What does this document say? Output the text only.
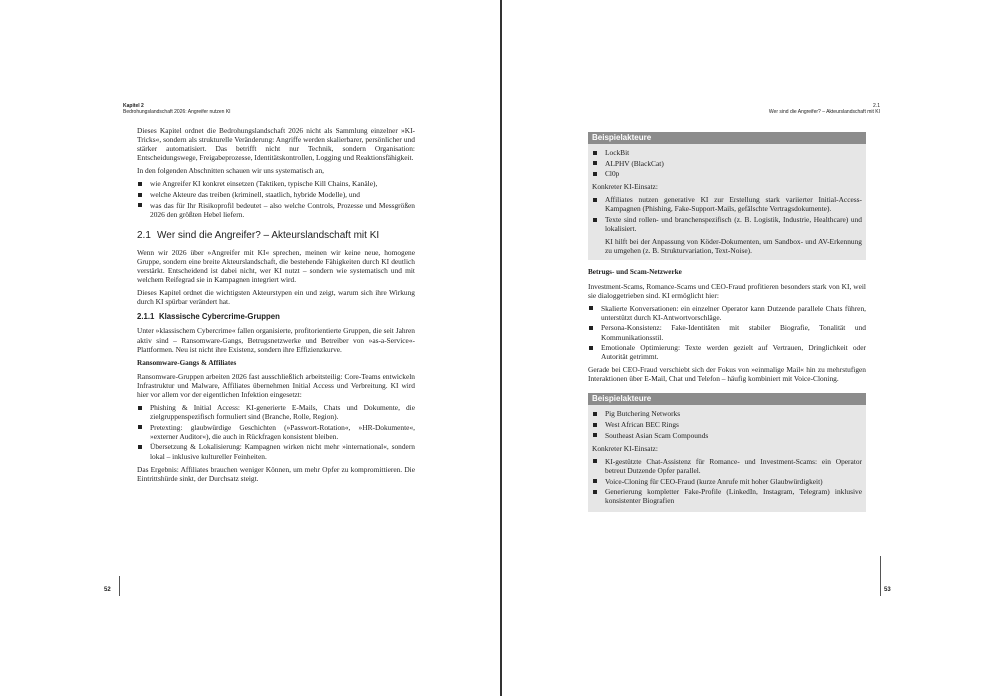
Kapitel 2
Bedrohungslandschaft 2026: Angreifer nutzen KI

Dieses Kapitel ordnet die Bedrohungslandschaft 2026 nicht als Sammlung einzelner »KI-Tricks«, sondern als strukturelle Veränderung: Angriffe werden skalierbarer, persönlicher und stärker automatisiert. Das betrifft nicht nur Technik, sondern Organisation: Entscheidungswege, Freigabeprozesse, Identitätskontrollen, Logging und Reaktionsfähigkeit.

In den folgenden Abschnitten schauen wir uns systematisch an,

wie Angreifer KI konkret einsetzen (Taktiken, typische Kill Chains, Kanäle),
welche Akteure das treiben (kriminell, staatlich, hybride Modelle), und
was das für Ihr Risikoprofil bedeutet – also welche Controls, Prozesse und Messgrößen 2026 den größten Hebel liefern.
2.1 Wer sind die Angreifer? – Akteurslandschaft mit KI

Wenn wir 2026 über »Angreifer mit KI« sprechen, meinen wir keine neue, homogene Gruppe, sondern eine breite Akteurslandschaft, die bestehende Fähigkeiten durch KI deutlich verstärkt. Entscheidend ist dabei nicht, wer KI nutzt – sondern wie systematisch und mit welchem Reifegrad sie in Kampagnen integriert wird.

Dieses Kapitel ordnet die wichtigsten Akteurstypen ein und zeigt, warum sich ihre Wirkung durch KI spürbar verändert hat.

2.1.1 Klassische Cybercrime-Gruppen

Unter »klassischem Cybercrime« fallen organisierte, profitorientierte Gruppen, die seit Jahren aktiv sind – Ransomware-Gangs, Betrugsnetzwerke und Betreiber von »as-a-Service«-Plattformen. Neu ist nicht ihre Existenz, sondern ihre Effizienzkurve.

Ransomware-Gangs & Affiliates

Ransomware-Gruppen arbeiten 2026 fast ausschließlich arbeitsteilig: Core-Teams entwickeln Infrastruktur und Malware, Affiliates übernehmen Initial Access und Verbreitung. KI wird hier vor allem vor der eigentlichen Infektion eingesetzt:

Phishing & Initial Access: KI-generierte E-Mails, Chats und Dokumente, die zielgruppenspezifisch formuliert sind (Branche, Rolle, Region).
Pretexting: glaubwürdige Geschichten (»Passwort-Rotation«, »HR-Dokumente«, »externer Auditor«), die auch in Rückfragen konsistent bleiben.
Übersetzung & Lokalisierung: Kampagnen wirken nicht mehr »international«, sondern lokal – inklusive kultureller Feinheiten.

Das Ergebnis: Affiliates brauchen weniger Können, um mehr Opfer zu kompromittieren. Die Eintrittshürde sinkt, der Durchsatz steigt.

52
2.1
Wer sind die Angreifer? – Akteurslandschaft mit KI
Beispielakteure
LockBit
ALPHV (BlackCat)
Cl0p

Konkreter KI-Einsatz:

Affiliates nutzen generative KI zur Erstellung stark variierter Initial-Access-Kampagnen (Phishing, Fake-Support-Mails, gefälschte Vertragsdokumente).
Texte sind rollen- und branchenspezifisch (z. B. Logistik, Industrie, Healthcare) und lokalisiert.

KI hilft bei der Anpassung von Köder-Dokumenten, um Sandbox- und AV-Erkennung zu umgehen (z. B. Strukturvariation, Text-Noise).

Betrugs- und Scam-Netzwerke

Investment-Scams, Romance-Scams und CEO-Fraud profitieren besonders stark von KI, weil sie dialoggetrieben sind. KI ermöglicht hier:

Skalierte Konversationen: ein einzelner Operator kann Dutzende parallele Chats führen, unterstützt durch KI-Antwortvorschläge.
Persona-Konsistenz: Fake-Identitäten mit stabiler Biografie, Tonalität und Kommunikationsstil.
Emotionale Optimierung: Texte werden gezielt auf Vertrauen, Dringlichkeit oder Autorität getrimmt.

Gerade bei CEO-Fraud verschiebt sich der Fokus von »einmalige Mail« hin zu mehrstufigen Interaktionen über E-Mail, Chat und Telefon – häufig kombiniert mit Voice-Cloning.

Beispielakteure
Pig Butchering Networks
West African BEC Rings
Southeast Asian Scam Compounds

Konkreter KI-Einsatz:

KI-gestützte Chat-Assistenz für Romance- und Investment-Scams: ein Operator betreut Dutzende Opfer parallel.
Voice-Cloning für CEO-Fraud (kurze Anrufe mit hoher Glaubwürdigkeit)
Generierung kompletter Fake-Profile (LinkedIn, Instagram, Telegram) inklusive konsistenter Biografien
53
